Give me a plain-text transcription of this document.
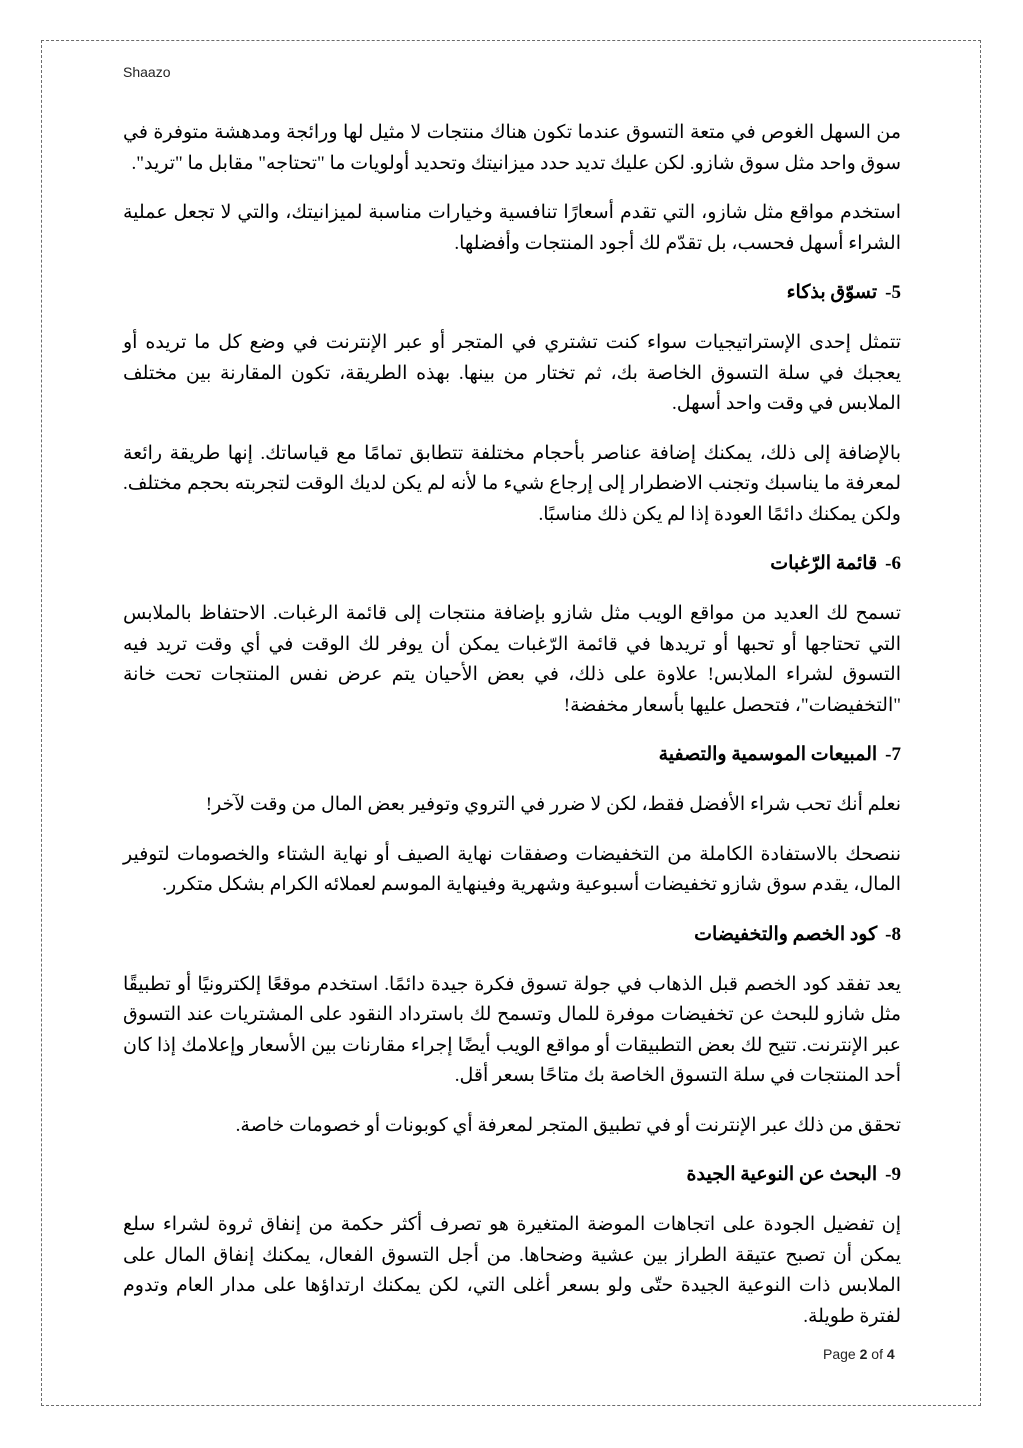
Shaazo

من السهل الغوص في متعة التسوق عندما تكون هناك منتجات لا مثيل لها ورائجة ومدهشة متوفرة في سوق واحد مثل سوق شازو. لكن عليك تديد حدد ميزانيتك وتحديد أولويات ما "تحتاجه" مقابل ما "تريد".

استخدم مواقع مثل شازو، التي تقدم أسعارًا تنافسية وخيارات مناسبة لميزانيتك، والتي لا تجعل عملية الشراء أسهل فحسب، بل تقدّم لك أجود المنتجات وأفضلها.

5-تسوّق بذكاء

تتمثل إحدى الإستراتيجيات سواء كنت تشتري في المتجر أو عبر الإنترنت في وضع كل ما تريده أو يعجبك في سلة التسوق الخاصة بك، ثم تختار من بينها. بهذه الطريقة، تكون المقارنة بين مختلف الملابس في وقت واحد أسهل.

بالإضافة إلى ذلك، يمكنك إضافة عناصر بأحجام مختلفة تتطابق تمامًا مع قياساتك. إنها طريقة رائعة لمعرفة ما يناسبك وتجنب الاضطرار إلى إرجاع شيء ما لأنه لم يكن لديك الوقت لتجربته بحجم مختلف. ولكن يمكنك دائمًا العودة إذا لم يكن ذلك مناسبًا.

6-قائمة الرّغبات

تسمح لك العديد من مواقع الويب مثل شازو بإضافة منتجات إلى قائمة الرغبات. الاحتفاظ بالملابس التي تحتاجها أو تحبها أو تريدها في قائمة الرّغبات يمكن أن يوفر لك الوقت في أي وقت تريد فيه التسوق لشراء الملابس! علاوة على ذلك، في بعض الأحيان يتم عرض نفس المنتجات تحت خانة "التخفيضات"، فتحصل عليها بأسعار مخفضة!

7-المبيعات الموسمية والتصفية

نعلم أنك تحب شراء الأفضل فقط، لكن لا ضرر في التروي وتوفير بعض المال من وقت لآخر!

ننصحك بالاستفادة الكاملة من التخفيضات وصفقات نهاية الصيف أو نهاية الشتاء والخصومات لتوفير المال، يقدم سوق شازو تخفيضات أسبوعية وشهرية وفينهاية الموسم لعملائه الكرام بشكل متكرر.

8-كود الخصم والتخفيضات

يعد تفقد كود الخصم قبل الذهاب في جولة تسوق فكرة جيدة دائمًا. استخدم موقعًا إلكترونيًا أو تطبيقًا مثل شازو للبحث عن تخفيضات موفرة للمال وتسمح لك باسترداد النقود على المشتريات عند التسوق عبر الإنترنت. تتيح لك بعض التطبيقات أو مواقع الويب أيضًا إجراء مقارنات بين الأسعار وإعلامك إذا كان أحد المنتجات في سلة التسوق الخاصة بك متاحًا بسعر أقل.

تحقق من ذلك عبر الإنترنت أو في تطبيق المتجر لمعرفة أي كوبونات أو خصومات خاصة.

9-البحث عن النوعية الجيدة

إن تفضيل الجودة على اتجاهات الموضة المتغيرة هو تصرف أكثر حكمة من إنفاق ثروة لشراء سلع يمكن أن تصبح عتيقة الطراز بين عشية وضحاها. من أجل التسوق الفعال، يمكنك إنفاق المال على الملابس ذات النوعية الجيدة حتّى ولو بسعر أغلى التي، لكن يمكنك ارتداؤها على مدار العام وتدوم لفترة طويلة.

Page 2 of 4
